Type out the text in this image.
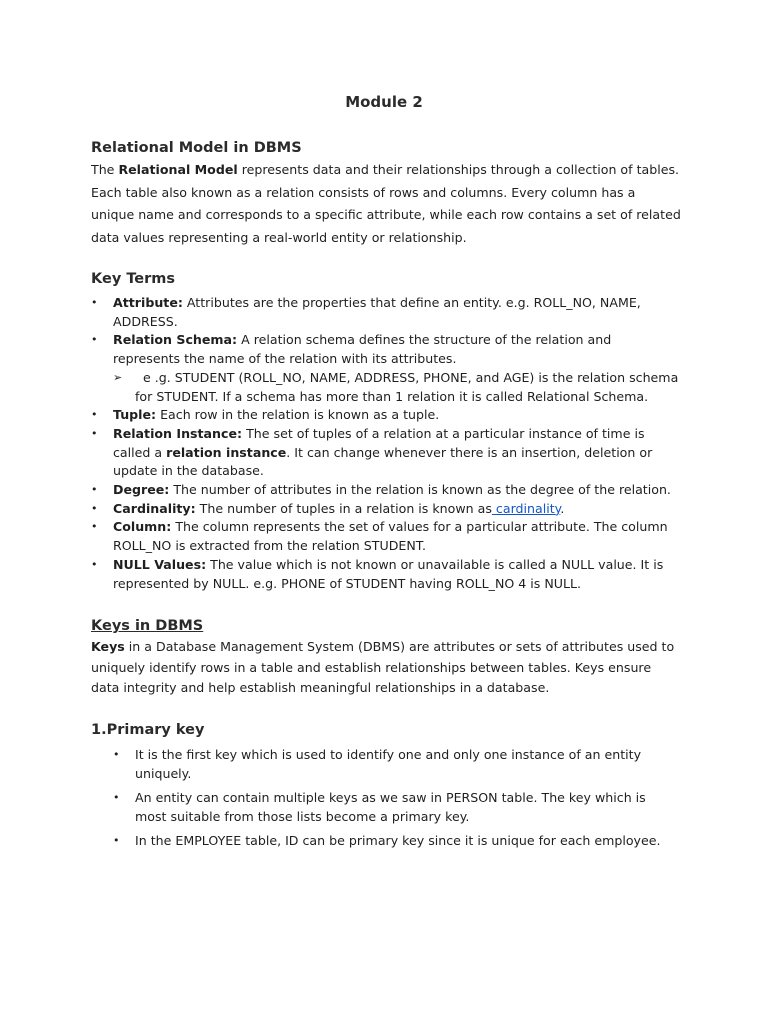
Module 2
Relational Model in DBMS

The Relational Model represents data and their relationships through a collection of tables. Each table also known as a relation consists of rows and columns. Every column has a unique name and corresponds to a specific attribute, while each row contains a set of related data values representing a real-world entity or relationship.

Key Terms
• Attribute: Attributes are the properties that define an entity. e.g. ROLL_NO, NAME, ADDRESS.
• Relation Schema: A relation schema defines the structure of the relation and represents the name of the relation with its attributes.
➢ e .g. STUDENT (ROLL_NO, NAME, ADDRESS, PHONE, and AGE) is the relation schema for STUDENT. If a schema has more than 1 relation it is called Relational Schema.
• Tuple: Each row in the relation is known as a tuple.
• Relation Instance: The set of tuples of a relation at a particular instance of time is called a relation instance. It can change whenever there is an insertion, deletion or update in the database.
• Degree: The number of attributes in the relation is known as the degree of the relation.
• Cardinality: The number of tuples in a relation is known as cardinality.
• Column: The column represents the set of values for a particular attribute. The column ROLL_NO is extracted from the relation STUDENT.
• NULL Values: The value which is not known or unavailable is called a NULL value. It is represented by NULL. e.g. PHONE of STUDENT having ROLL_NO 4 is NULL.
Keys in DBMS

Keys in a Database Management System (DBMS) are attributes or sets of attributes used to uniquely identify rows in a table and establish relationships between tables. Keys ensure data integrity and help establish meaningful relationships in a database.

1.Primary key
• It is the first key which is used to identify one and only one instance of an entity uniquely.
• An entity can contain multiple keys as we saw in PERSON table. The key which is most suitable from those lists become a primary key.
• In the EMPLOYEE table, ID can be primary key since it is unique for each employee.
